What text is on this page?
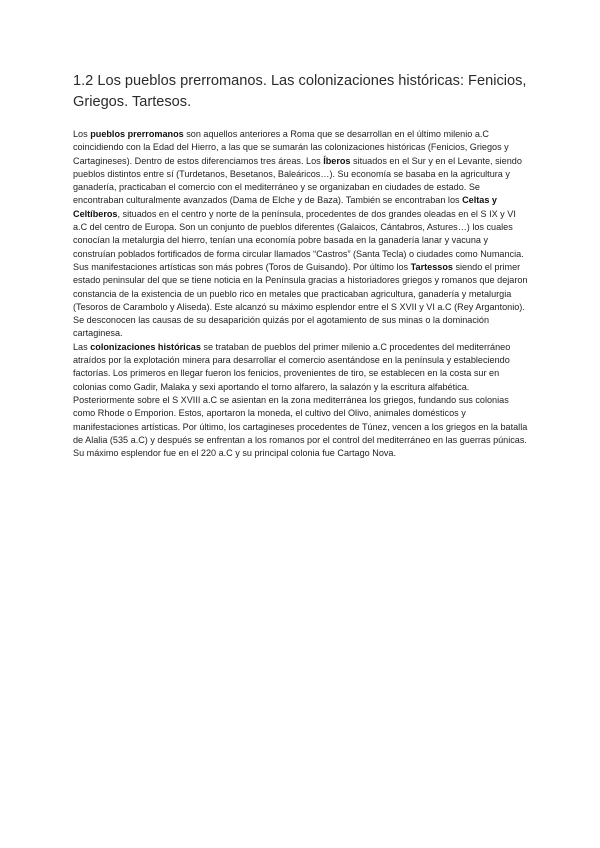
1.2 Los pueblos prerromanos. Las colonizaciones históricas: Fenicios, Griegos. Tartesos.

Los pueblos prerromanos son aquellos anteriores a Roma que se desarrollan en el último milenio a.C coincidiendo con la Edad del Hierro, a las que se sumarán las colonizaciones históricas (Fenicios, Griegos y Cartagineses). Dentro de estos diferenciamos tres áreas. Los Íberos situados en el Sur y en el Levante, siendo pueblos distintos entre sí (Turdetanos, Besetanos, Baleáricos…). Su economía se basaba en la agricultura y ganadería, practicaban el comercio con el mediterráneo y se organizaban en ciudades de estado. Se encontraban culturalmente avanzados (Dama de Elche y de Baza). También se encontraban los Celtas y Celtíberos, situados en el centro y norte de la península, procedentes de dos grandes oleadas en el S IX y VI a.C del centro de Europa. Son un conjunto de pueblos diferentes (Galaicos, Cántabros, Astures…) los cuales conocían la metalurgia del hierro, tenían una economía pobre basada en la ganadería lanar y vacuna y construían poblados fortificados de forma circular llamados “Castros” (Santa Tecla) o ciudades como Numancia. Sus manifestaciones artísticas son más pobres (Toros de Guisando). Por último los Tartessos siendo el primer estado peninsular del que se tiene noticia en la Península gracias a historiadores griegos y romanos que dejaron constancia de la existencia de un pueblo rico en metales que practicaban agricultura, ganadería y metalurgia (Tesoros de Carambolo y Aliseda). Este alcanzó su máximo esplendor entre el S XVII y VI a.C (Rey Argantonio). Se desconocen las causas de su desaparición quizás por el agotamiento de sus minas o la dominación cartaginesa.

Las colonizaciones históricas se trataban de pueblos del primer milenio a.C procedentes del mediterráneo atraídos por la explotación minera para desarrollar el comercio asentándose en la península y estableciendo factorías. Los primeros en llegar fueron los fenicios, provenientes de tiro, se establecen en la costa sur en colonias como Gadir, Malaka y sexi aportando el torno alfarero, la salazón y la escritura alfabética. Posteriormente sobre el S XVIII a.C se asientan en la zona mediterránea los griegos, fundando sus colonias como Rhode o Emporion. Estos, aportaron la moneda, el cultivo del Olivo, animales domésticos y manifestaciones artísticas. Por último, los cartagineses procedentes de Túnez, vencen a los griegos en la batalla de Alalia (535 a.C) y después se enfrentan a los romanos por el control del mediterráneo en las guerras púnicas. Su máximo esplendor fue en el 220 a.C y su principal colonia fue Cartago Nova.
